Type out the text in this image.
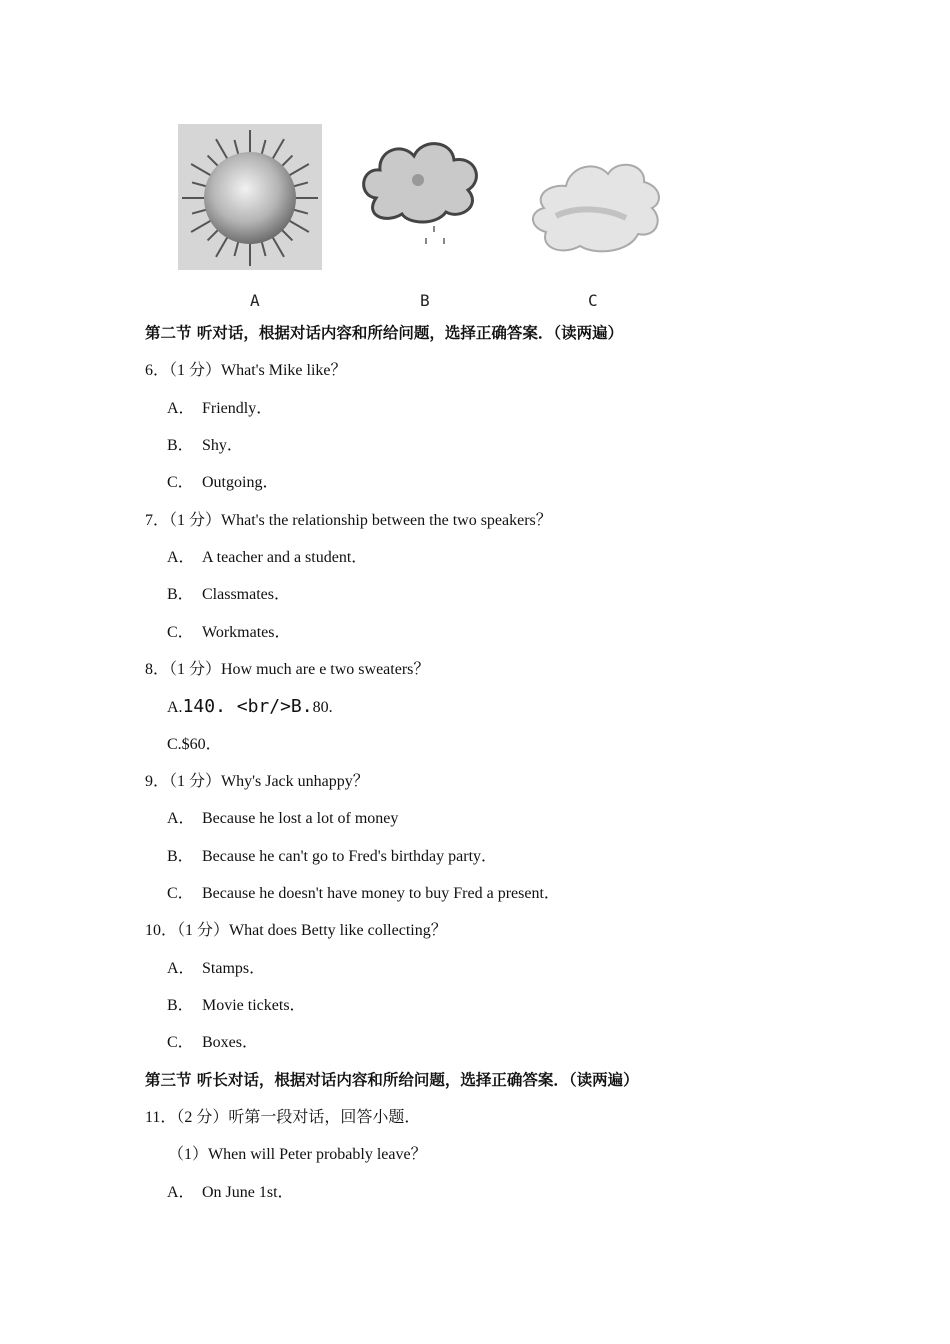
A	B	C
第二节 听对话，根据对话内容和所给问题，选择正确答案．（读两遍）
6．（1 分）What's Mike like？
A． Friendly．
B． Shy．
C． Outgoing．
7．（1 分）What's the relationship between the two speakers？
A． A teacher and a student．
B． Classmates．
C． Workmates．
8．（1 分）How much are e two sweaters？
A.140. <br/>B.80.
C.$60．
9．（1 分）Why's Jack unhappy？
A． Because he lost a lot of money
B． Because he can't go to Fred's birthday party．
C． Because he doesn't have money to buy Fred a present．
10．（1 分）What does Betty like collecting？
A． Stamps．
B． Movie tickets．
C． Boxes．
第三节 听长对话，根据对话内容和所给问题，选择正确答案．（读两遍）
11．（2 分）听第一段对话，回答小题．
（1）When will Peter probably leave？
A． On June 1st．
